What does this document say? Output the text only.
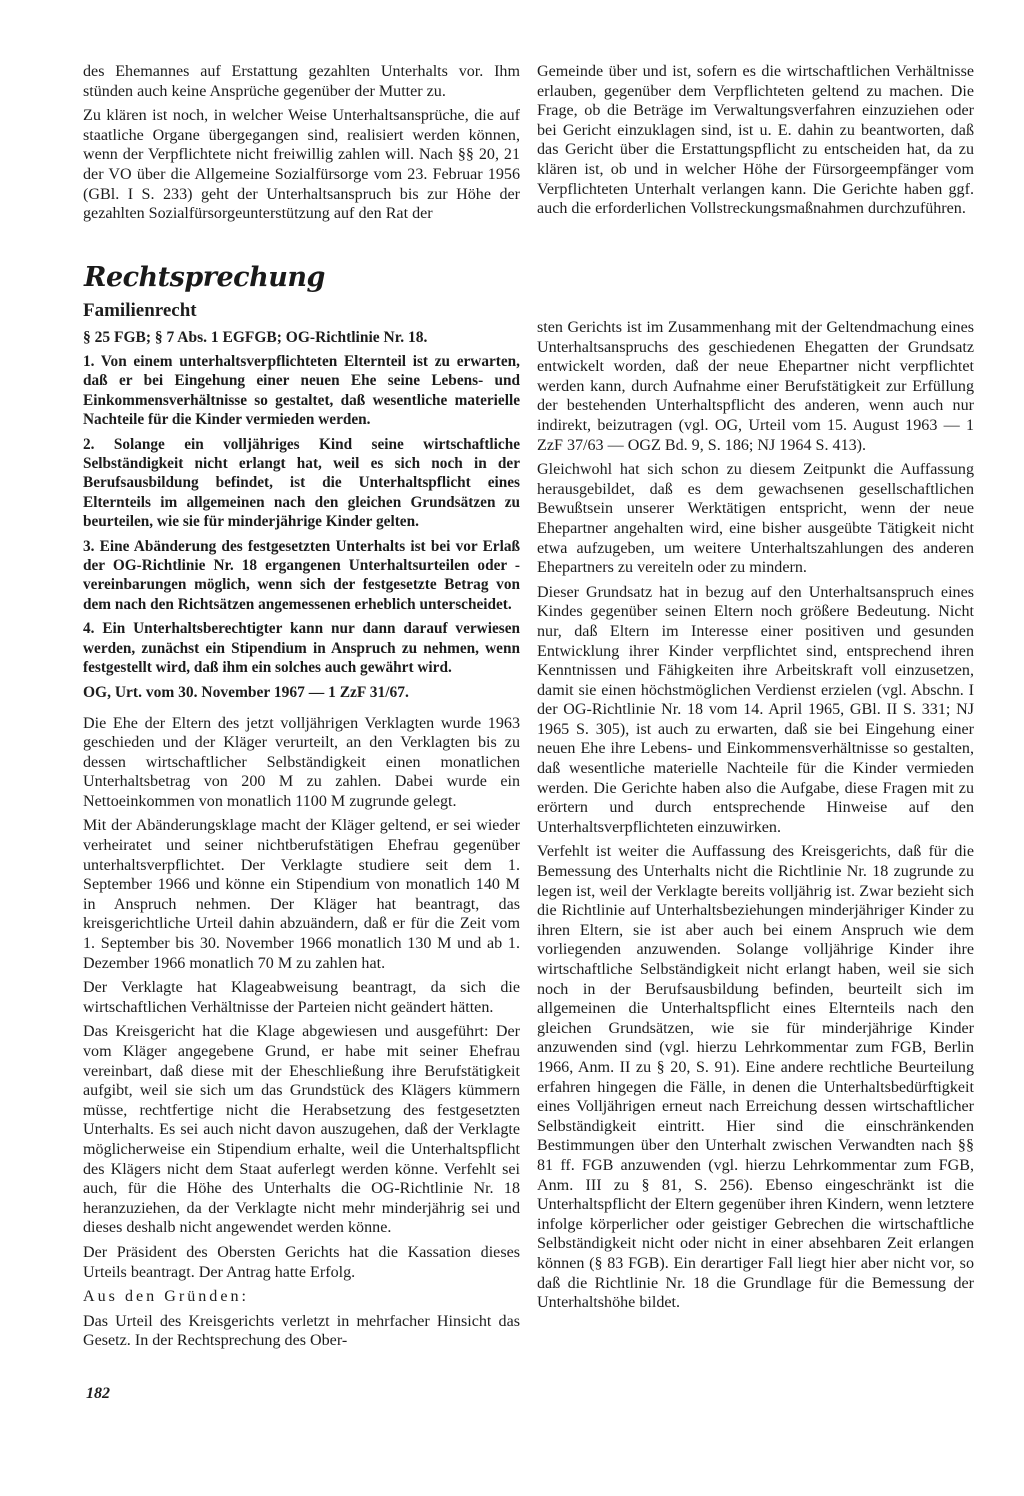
des Ehemannes auf Erstattung gezahlten Unterhalts vor. Ihm stünden auch keine Ansprüche gegenüber der Mutter zu.

Zu klären ist noch, in welcher Weise Unterhaltsansprüche, die auf staatliche Organe übergegangen sind, realisiert werden können, wenn der Verpflichtete nicht freiwillig zahlen will. Nach §§ 20, 21 der VO über die Allgemeine Sozialfürsorge vom 23. Februar 1956 (GBl. I S. 233) geht der Unterhaltsanspruch bis zur Höhe der gezahlten Sozialfürsorgeunterstützung auf den Rat der

Gemeinde über und ist, sofern es die wirtschaftlichen Verhältnisse erlauben, gegenüber dem Verpflichteten geltend zu machen. Die Frage, ob die Beträge im Verwaltungsverfahren einzuziehen oder bei Gericht einzuklagen sind, ist u. E. dahin zu beantworten, daß das Gericht über die Erstattungspflicht zu entscheiden hat, da zu klären ist, ob und in welcher Höhe der Fürsorgeempfänger vom Verpflichteten Unterhalt verlangen kann. Die Gerichte haben ggf. auch die erforderlichen Vollstreckungsmaßnahmen durchzuführen.

Rechtsprechung

Familienrecht

§ 25 FGB; § 7 Abs. 1 EGFGB; OG-Richtlinie Nr. 18.

1. Von einem unterhaltsverpflichteten Elternteil ist zu erwarten, daß er bei Eingehung einer neuen Ehe seine Lebens- und Einkommensverhältnisse so gestaltet, daß wesentliche materielle Nachteile für die Kinder vermieden werden.

2. Solange ein volljähriges Kind seine wirtschaftliche Selbständigkeit nicht erlangt hat, weil es sich noch in der Berufsausbildung befindet, ist die Unterhaltspflicht eines Elternteils im allgemeinen nach den gleichen Grundsätzen zu beurteilen, wie sie für minderjährige Kinder gelten.

3. Eine Abänderung des festgesetzten Unterhalts ist bei vor Erlaß der OG-Richtlinie Nr. 18 ergangenen Unterhaltsurteilen oder -vereinbarungen möglich, wenn sich der festgesetzte Betrag von dem nach den Richtsätzen angemessenen erheblich unterscheidet.

4. Ein Unterhaltsberechtigter kann nur dann darauf verwiesen werden, zunächst ein Stipendium in Anspruch zu nehmen, wenn festgestellt wird, daß ihm ein solches auch gewährt wird.

OG, Urt. vom 30. November 1967 — 1 ZzF 31/67.

Die Ehe der Eltern des jetzt volljährigen Verklagten wurde 1963 geschieden und der Kläger verurteilt, an den Verklagten bis zu dessen wirtschaftlicher Selbständigkeit einen monatlichen Unterhaltsbetrag von 200 M zu zahlen. Dabei wurde ein Nettoeinkommen von monatlich 1100 M zugrunde gelegt.

Mit der Abänderungsklage macht der Kläger geltend, er sei wieder verheiratet und seiner nichtberufstätigen Ehefrau gegenüber unterhaltsverpflichtet. Der Verklagte studiere seit dem 1. September 1966 und könne ein Stipendium von monatlich 140 M in Anspruch nehmen. Der Kläger hat beantragt, das kreisgerichtliche Urteil dahin abzuändern, daß er für die Zeit vom 1. September bis 30. November 1966 monatlich 130 M und ab 1. Dezember 1966 monatlich 70 M zu zahlen hat.

Der Verklagte hat Klageabweisung beantragt, da sich die wirtschaftlichen Verhältnisse der Parteien nicht geändert hätten.

Das Kreisgericht hat die Klage abgewiesen und ausgeführt: Der vom Kläger angegebene Grund, er habe mit seiner Ehefrau vereinbart, daß diese mit der Eheschließung ihre Berufstätigkeit aufgibt, weil sie sich um das Grundstück des Klägers kümmern müsse, rechtfertige nicht die Herabsetzung des festgesetzten Unterhalts. Es sei auch nicht davon auszugehen, daß der Verklagte möglicherweise ein Stipendium erhalte, weil die Unterhaltspflicht des Klägers nicht dem Staat auferlegt werden könne. Verfehlt sei auch, für die Höhe des Unterhalts die OG-Richtlinie Nr. 18 heranzuziehen, da der Verklagte nicht mehr minderjährig sei und dieses deshalb nicht angewendet werden könne.

Der Präsident des Obersten Gerichts hat die Kassation dieses Urteils beantragt. Der Antrag hatte Erfolg.

Aus den Gründen:

Das Urteil des Kreisgerichts verletzt in mehrfacher Hinsicht das Gesetz. In der Rechtsprechung des Ober-

sten Gerichts ist im Zusammenhang mit der Geltendmachung eines Unterhaltsanspruchs des geschiedenen Ehegatten der Grundsatz entwickelt worden, daß der neue Ehepartner nicht verpflichtet werden kann, durch Aufnahme einer Berufstätigkeit zur Erfüllung der bestehenden Unterhaltspflicht des anderen, wenn auch nur indirekt, beizutragen (vgl. OG, Urteil vom 15. August 1963 — 1 ZzF 37/63 — OGZ Bd. 9, S. 186; NJ 1964 S. 413).

Gleichwohl hat sich schon zu diesem Zeitpunkt die Auffassung herausgebildet, daß es dem gewachsenen gesellschaftlichen Bewußtsein unserer Werktätigen entspricht, wenn der neue Ehepartner angehalten wird, eine bisher ausgeübte Tätigkeit nicht etwa aufzugeben, um weitere Unterhaltszahlungen des anderen Ehepartners zu vereiteln oder zu mindern.

Dieser Grundsatz hat in bezug auf den Unterhaltsanspruch eines Kindes gegenüber seinen Eltern noch größere Bedeutung. Nicht nur, daß Eltern im Interesse einer positiven und gesunden Entwicklung ihrer Kinder verpflichtet sind, entsprechend ihren Kenntnissen und Fähigkeiten ihre Arbeitskraft voll einzusetzen, damit sie einen höchstmöglichen Verdienst erzielen (vgl. Abschn. I der OG-Richtlinie Nr. 18 vom 14. April 1965, GBl. II S. 331; NJ 1965 S. 305), ist auch zu erwarten, daß sie bei Eingehung einer neuen Ehe ihre Lebens- und Einkommensverhältnisse so gestalten, daß wesentliche materielle Nachteile für die Kinder vermieden werden. Die Gerichte haben also die Aufgabe, diese Fragen mit zu erörtern und durch entsprechende Hinweise auf den Unterhaltsverpflichteten einzuwirken.

Verfehlt ist weiter die Auffassung des Kreisgerichts, daß für die Bemessung des Unterhalts nicht die Richtlinie Nr. 18 zugrunde zu legen ist, weil der Verklagte bereits volljährig ist. Zwar bezieht sich die Richtlinie auf Unterhaltsbeziehungen minderjähriger Kinder zu ihren Eltern, sie ist aber auch bei einem Anspruch wie dem vorliegenden anzuwenden. Solange volljährige Kinder ihre wirtschaftliche Selbständigkeit nicht erlangt haben, weil sie sich noch in der Berufsausbildung befinden, beurteilt sich im allgemeinen die Unterhaltspflicht eines Elternteils nach den gleichen Grundsätzen, wie sie für minderjährige Kinder anzuwenden sind (vgl. hierzu Lehrkommentar zum FGB, Berlin 1966, Anm. II zu § 20, S. 91). Eine andere rechtliche Beurteilung erfahren hingegen die Fälle, in denen die Unterhaltsbedürftigkeit eines Volljährigen erneut nach Erreichung dessen wirtschaftlicher Selbständigkeit eintritt. Hier sind die einschränkenden Bestimmungen über den Unterhalt zwischen Verwandten nach §§ 81 ff. FGB anzuwenden (vgl. hierzu Lehrkommentar zum FGB, Anm. III zu § 81, S. 256). Ebenso eingeschränkt ist die Unterhaltspflicht der Eltern gegenüber ihren Kindern, wenn letztere infolge körperlicher oder geistiger Gebrechen die wirtschaftliche Selbständigkeit nicht oder nicht in einer absehbaren Zeit erlangen können (§ 83 FGB). Ein derartiger Fall liegt hier aber nicht vor, so daß die Richtlinie Nr. 18 die Grundlage für die Bemessung der Unterhaltshöhe bildet.

182
